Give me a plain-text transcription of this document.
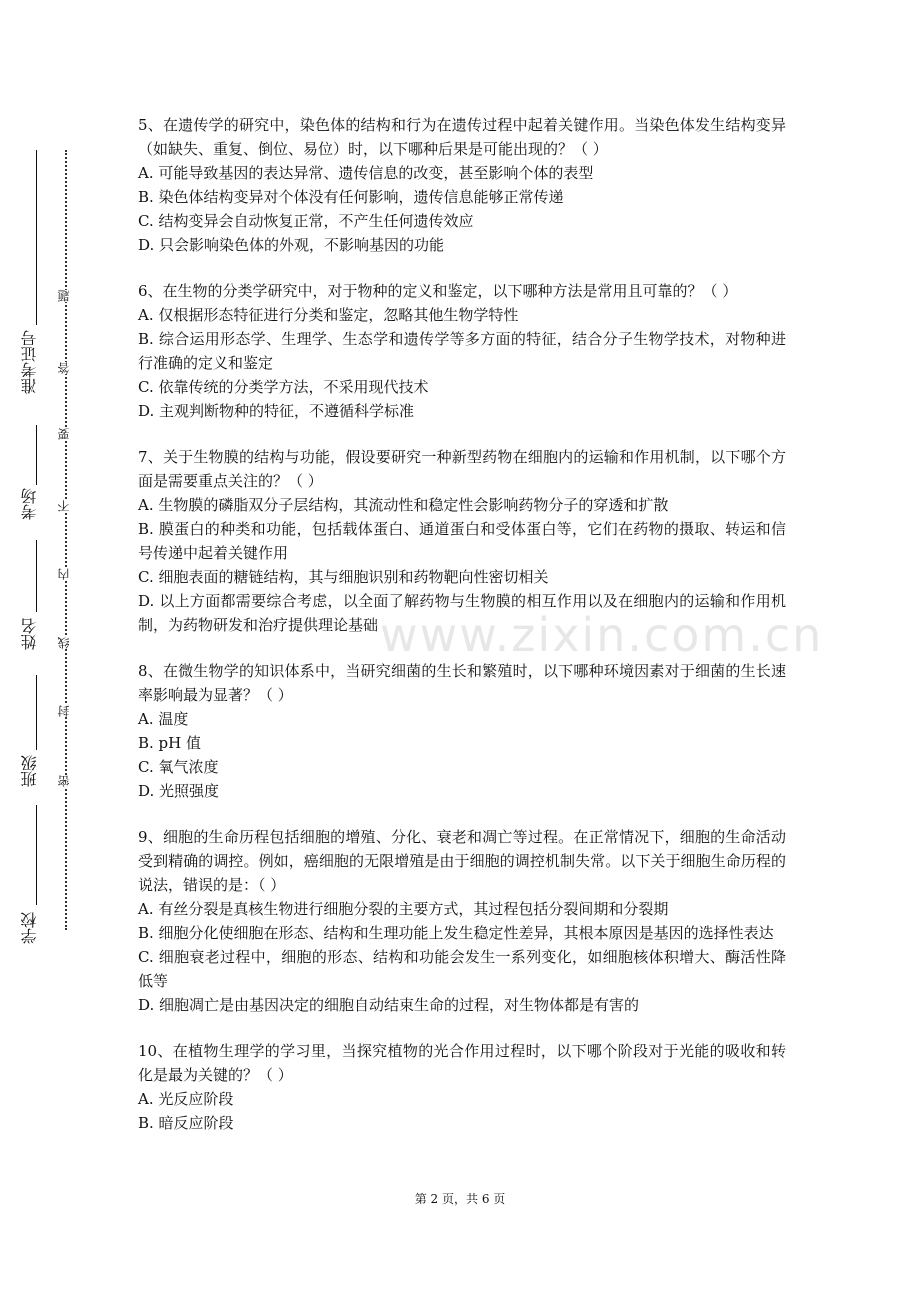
准考证号
考场
姓名
班级
学校
题
答
要
不
内
线
封
密

5、在遗传学的研究中，染色体的结构和行为在遗传过程中起着关键作用。当染色体发生结构变异（如缺失、重复、倒位、易位）时，以下哪种后果是可能出现的？（ ）

A. 可能导致基因的表达异常、遗传信息的改变，甚至影响个体的表型

B. 染色体结构变异对个体没有任何影响，遗传信息能够正常传递

C. 结构变异会自动恢复正常，不产生任何遗传效应

D. 只会影响染色体的外观，不影响基因的功能

6、在生物的分类学研究中，对于物种的定义和鉴定，以下哪种方法是常用且可靠的？（ ）

A. 仅根据形态特征进行分类和鉴定，忽略其他生物学特性

B. 综合运用形态学、生理学、生态学和遗传学等多方面的特征，结合分子生物学技术，对物种进行准确的定义和鉴定

C. 依靠传统的分类学方法，不采用现代技术

D. 主观判断物种的特征，不遵循科学标准

7、关于生物膜的结构与功能，假设要研究一种新型药物在细胞内的运输和作用机制，以下哪个方面是需要重点关注的？（ ）

A. 生物膜的磷脂双分子层结构，其流动性和稳定性会影响药物分子的穿透和扩散

B. 膜蛋白的种类和功能，包括载体蛋白、通道蛋白和受体蛋白等，它们在药物的摄取、转运和信号传递中起着关键作用

C. 细胞表面的糖链结构，其与细胞识别和药物靶向性密切相关

D. 以上方面都需要综合考虑，以全面了解药物与生物膜的相互作用以及在细胞内的运输和作用机制，为药物研发和治疗提供理论基础

8、在微生物学的知识体系中，当研究细菌的生长和繁殖时，以下哪种环境因素对于细菌的生长速率影响最为显著？（ ）

A. 温度

B. pH 值

C. 氧气浓度

D. 光照强度

9、细胞的生命历程包括细胞的增殖、分化、衰老和凋亡等过程。在正常情况下，细胞的生命活动受到精确的调控。例如，癌细胞的无限增殖是由于细胞的调控机制失常。以下关于细胞生命历程的说法，错误的是：（ ）

A. 有丝分裂是真核生物进行细胞分裂的主要方式，其过程包括分裂间期和分裂期

B. 细胞分化使细胞在形态、结构和生理功能上发生稳定性差异，其根本原因是基因的选择性表达

C. 细胞衰老过程中，细胞的形态、结构和功能会发生一系列变化，如细胞核体积增大、酶活性降低等

D. 细胞凋亡是由基因决定的细胞自动结束生命的过程，对生物体都是有害的

10、在植物生理学的学习里，当探究植物的光合作用过程时，以下哪个阶段对于光能的吸收和转化是最为关键的？（ ）

A. 光反应阶段

B. 暗反应阶段

www.zixin.com.cn
第 2 页，共 6 页
